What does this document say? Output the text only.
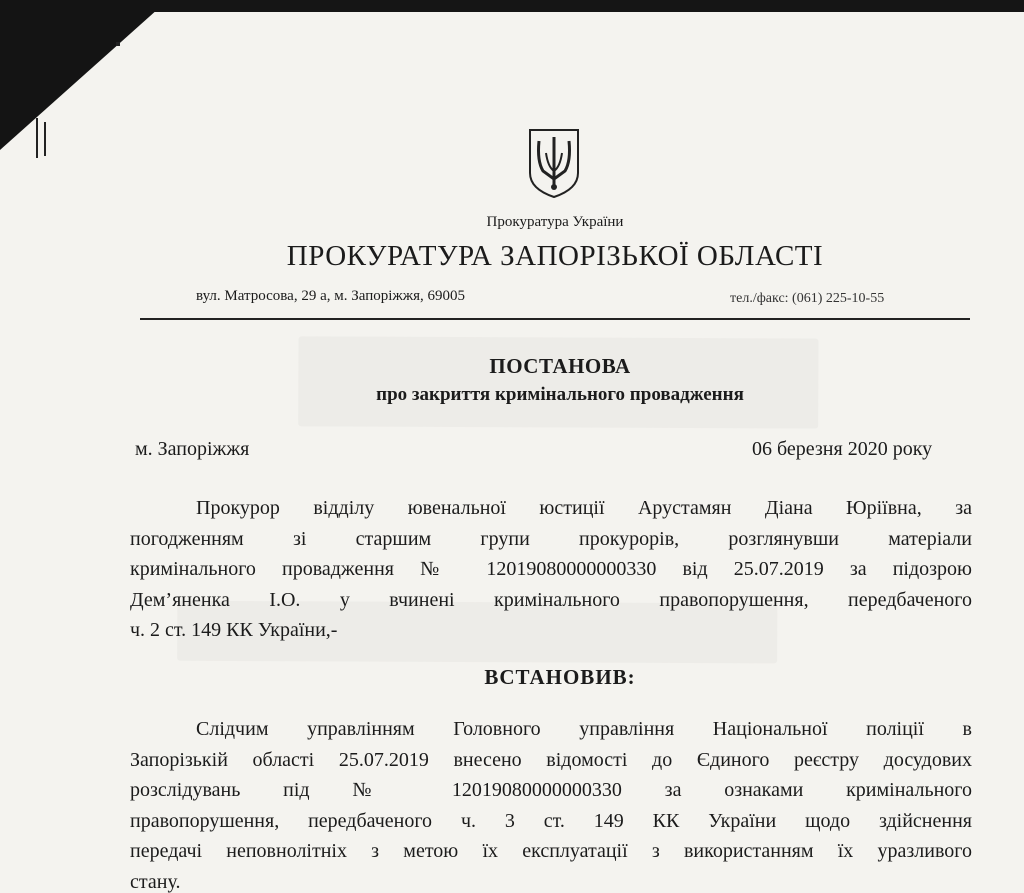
Прокуратура України
ПРОКУРАТУРА ЗАПОРІЗЬКОЇ ОБЛАСТІ
вул. Матросова, 29 а, м. Запоріжжя, 69005	тел./факс: (061) 225-10-55
ПОСТАНОВА
про закриття кримінального провадження
м. Запоріжжя	06 березня 2020 року
Прокурор відділу ювенальної юстиції Арустамян Діана Юріївна, за
погодженням зі старшим групи прокурорів, розглянувши матеріали
кримінального провадження № 12019080000000330 від 25.07.2019 за підозрою
Дем’яненка І.О. у вчинені кримінального правопорушення, передбаченого
ч. 2 ст. 149 КК України,-
ВСТАНОВИВ:
Слідчим управлінням Головного управління Національної поліції в
Запорізькій області 25.07.2019 внесено відомості до Єдиного реєстру досудових
розслідувань під № 12019080000000330 за ознаками кримінального
правопорушення, передбаченого ч. 3 ст. 149 КК України щодо здійснення
передачі неповнолітніх з метою їх експлуатації з використанням їх уразливого
стану.
